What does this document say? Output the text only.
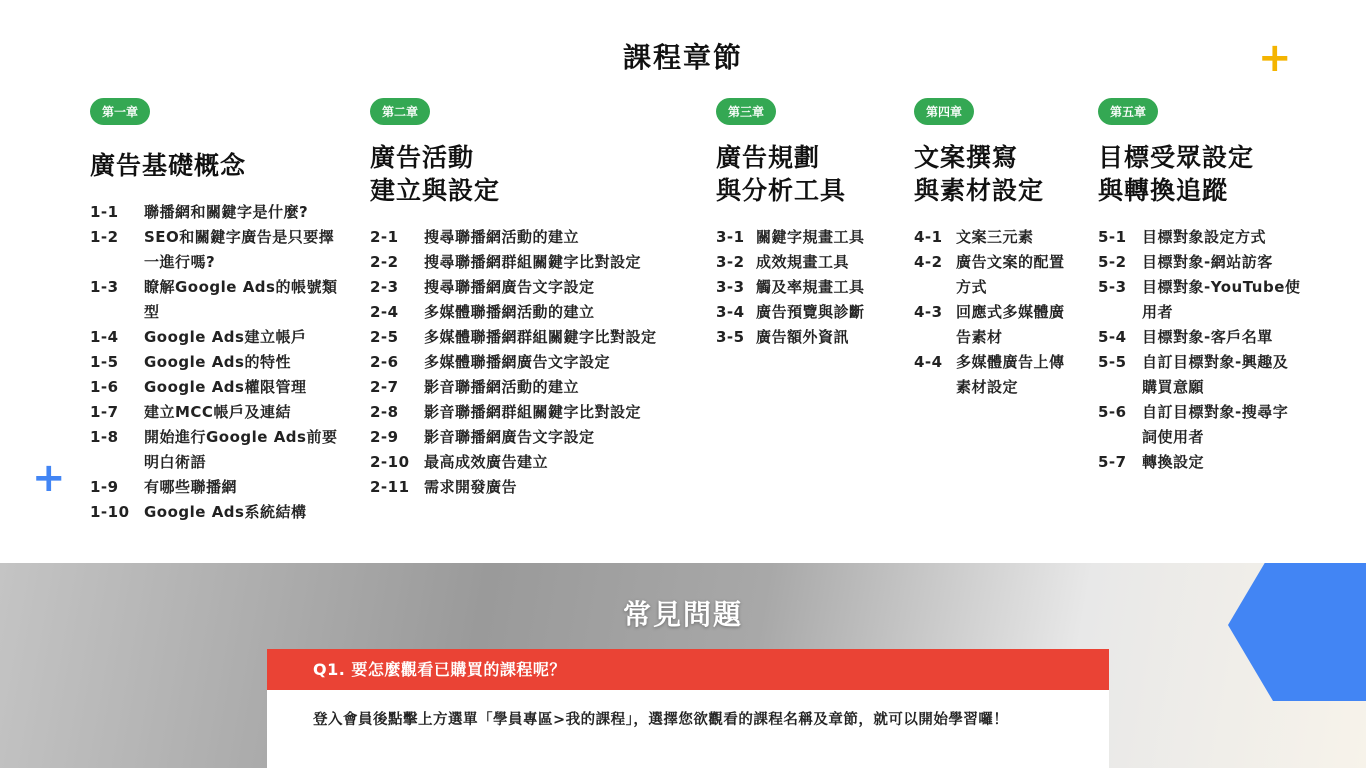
課程章節	+
+
第一章
廣告基礎概念
1-1	聯播網和關鍵字是什麼?
1-2	SEO和關鍵字廣告是只要擇一進行嗎?
1-3	瞭解Google Ads的帳號類型
1-4	Google Ads建立帳戶
1-5	Google Ads的特性
1-6	Google Ads權限管理
1-7	建立MCC帳戶及連結
1-8	開始進行Google Ads前要明白術語
1-9	有哪些聯播網
1-10 Google Ads系統結構
第二章
廣告活動
建立與設定
2-1	搜尋聯播網活動的建立
2-2	搜尋聯播網群組關鍵字比對設定
2-3	搜尋聯播網廣告文字設定
2-4	多媒體聯播網活動的建立
2-5	多媒體聯播網群組關鍵字比對設定
2-6	多媒體聯播網廣告文字設定
2-7	影音聯播網活動的建立
2-8	影音聯播網群組關鍵字比對設定
2-9	影音聯播網廣告文字設定
2-10 最高成效廣告建立
2-11 需求開發廣告
第三章
廣告規劃
與分析工具
3-1 關鍵字規畫工具
3-2 成效規畫工具
3-3 觸及率規畫工具
3-4 廣告預覽與診斷
3-5 廣告額外資訊
第四章
文案撰寫
與素材設定
4-1 文案三元素
4-2 廣告文案的配置方式
4-3 回應式多媒體廣告素材
4-4 多媒體廣告上傳素材設定
第五章
目標受眾設定
與轉換追蹤
5-1	目標對象設定方式
5-2	目標對象-網站訪客
5-3	目標對象-YouTube使用者
5-4	目標對象-客戶名單
5-5	自訂目標對象-興趣及購買意願
5-6	自訂目標對象-搜尋字詞使用者
5-7	轉換設定
常見問題
Q1. 要怎麼觀看已購買的課程呢？
登入會員後點擊上方選單「學員專區>我的課程」，選擇您欲觀看的課程名稱及章節，就可以開始學習囉！
